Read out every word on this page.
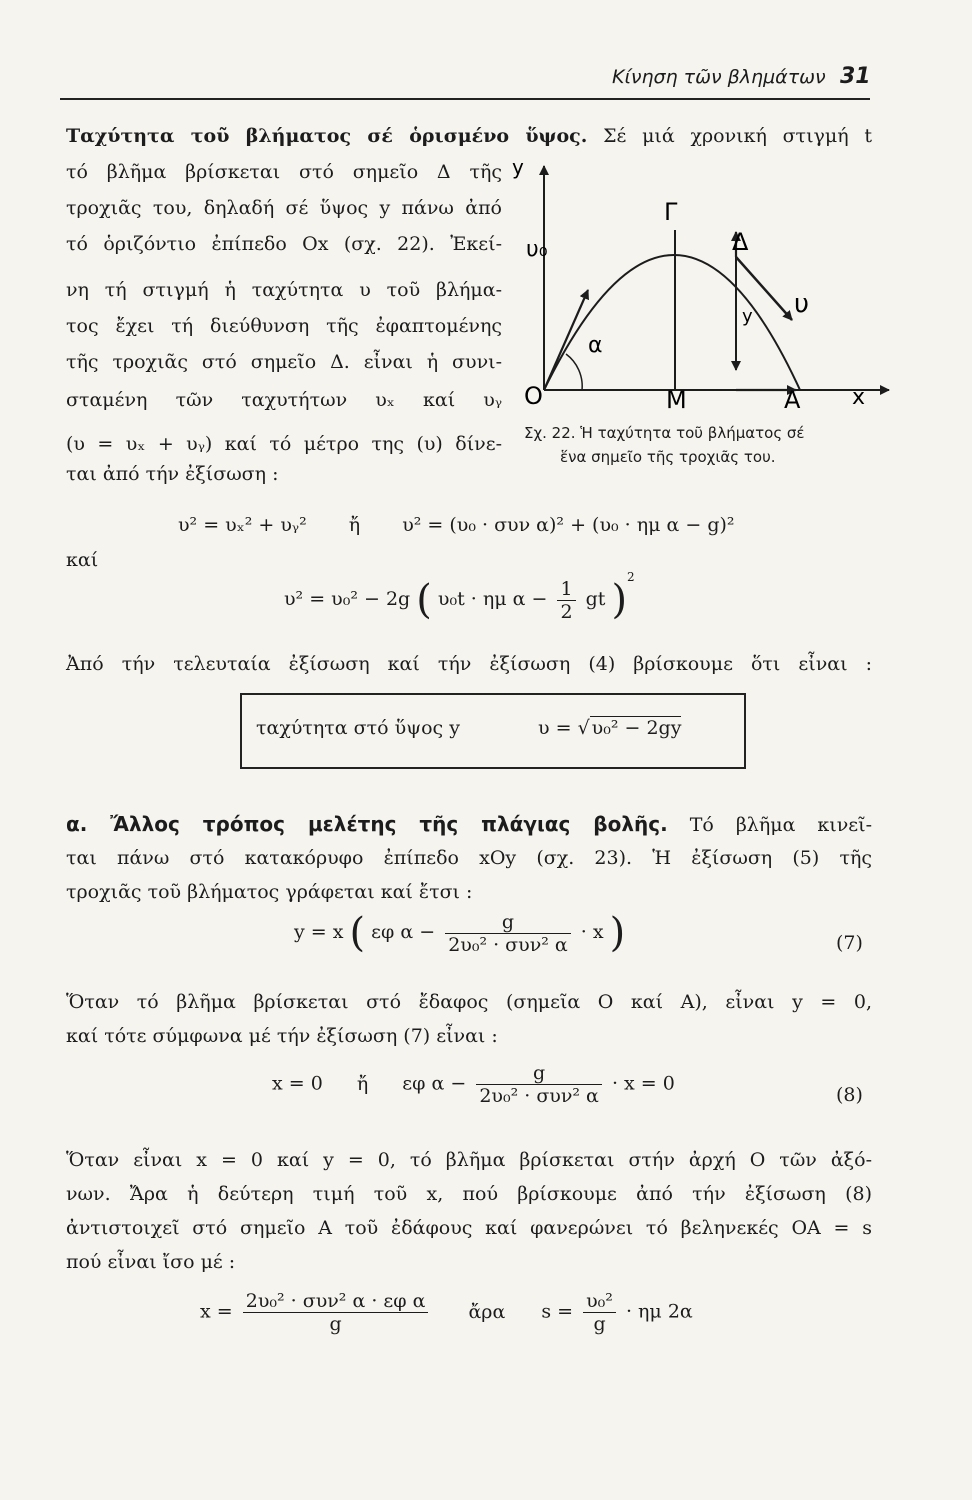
Κίνηση τῶν βλημάτων 31
Ταχύτητα τοῦ βλήματος σέ ὁρισμένο ὕψος. Σέ μιά χρονική στιγμή t
τό βλῆμα βρίσκεται στό σημεῖο Δ τῆς
τροχιᾶς του, δηλαδή σέ ὕψος y πάνω ἀπό
τό ὁριζόντιο ἐπίπεδο Ox (σχ. 22). Ἐκεί-
νη τή στιγμή ἡ ταχύτητα υ τοῦ βλήμα-
τος ἔχει τή διεύθυνση τῆς ἐφαπτομένης
τῆς τροχιᾶς στό σημεῖο Δ. εἶναι ἡ συνι-
σταμένη τῶν ταχυτήτων υₓ καί υᵧ
(υ = υₓ + υᵧ) καί τό μέτρο της (υ) δίνε-
ται ἀπό τήν ἐξίσωση :
y
x
O
υ₀
α
Γ
Δ
y υ
Μ	Α
Σχ. 22. Ἡ ταχύτητα τοῦ βλήματος σέ
ἕνα σημεῖο τῆς τροχιᾶς του.
υ² = υₓ² + υᵧ² ἤ υ² = (υ₀ · συν α)² + (υ₀ · ημ α − g)²
καί
υ² = υ₀² − 2g ( υ₀t · ημ $\alpha - \frac{1}{2}$ gt )$^2$
Ἀπό τήν τελευταία ἐξίσωση καί τήν ἐξίσωση (4) βρίσκουμε ὅτι εἶναι :
ταχύτητα στό ὕψος y	υ = √ υ₀² − 2gy
α. Ἄλλος τρόπος μελέτης τῆς πλάγιας βολῆς. Τό βλῆμα κινεῖ-
ται πάνω στό κατακόρυφο ἐπίπεδο xOy (σχ. 23). Ἡ ἐξίσωση (5) τῆς
τροχιᾶς τοῦ βλήματος γράφεται καί ἔτσι :
y = x ( εφ $\alpha - \frac{g}{\text{2υ₀² · συν² α}} \cdot x$ )	(7)
Ὅταν τό βλῆμα βρίσκεται στό ἔδαφος (σημεῖα O καί A), εἶναι y = 0,
καί τότε σύμφωνα μέ τήν ἐξίσωση (7) εἶναι :
x = 0 ἤ εφ $\alpha - \frac{g}{\text{2υ₀² · συν² α}} \cdot x = 0$
(8)
Ὅταν εἶναι x = 0 καί y = 0, τό βλῆμα βρίσκεται στήν ἀρχή O τῶν ἀξό-
νων. Ἄρα ἡ δεύτερη τιμή τοῦ x, πού βρίσκουμε ἀπό τήν ἐξίσωση (8)
ἀντιστοιχεῖ στό σημεῖο A τοῦ ἐδάφους καί φανερώνει τό βεληνεκές OA = s
πού εἶναι ἴσο μέ :
$x = \frac{\text{2υ₀² · συν² α · εφ α}}{g}$ ἄρα $s = \frac{\text{υ₀²}}{g} \cdot \eta\mu$ 2α
